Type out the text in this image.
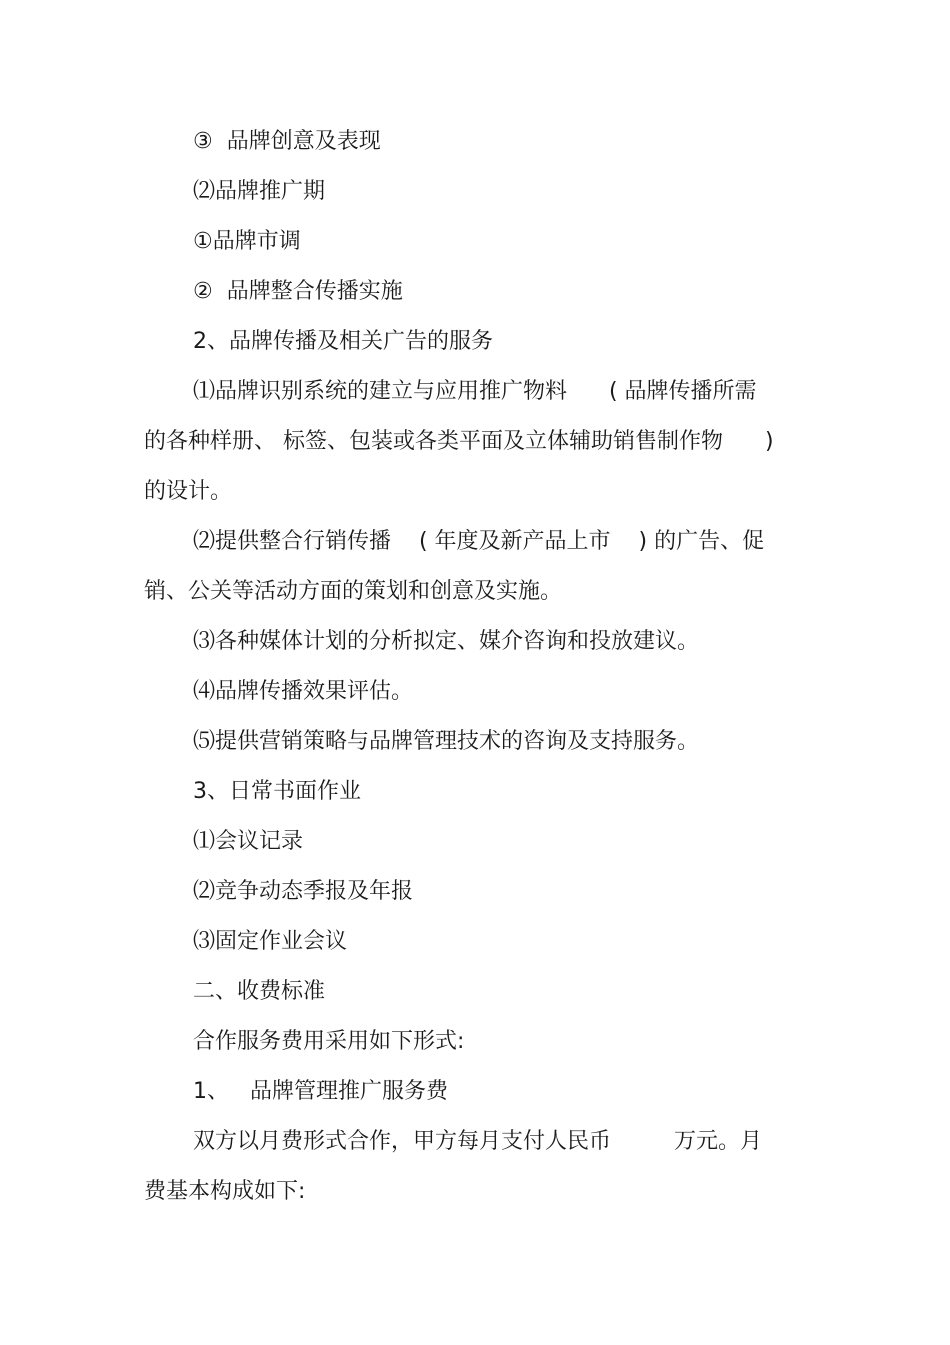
③  品牌创意及表现
⑵品牌推广期
①品牌市调
②  品牌整合传播实施
2、品牌传播及相关广告的服务
⑴品牌识别系统的建立与应用推广物料      ( 品牌传播所需
的各种样册、 标签、包装或各类平面及立体辅助销售制作物      )
的设计。
⑵提供整合行销传播    ( 年度及新产品上市    ) 的广告、促
销、公关等活动方面的策划和创意及实施。
⑶各种媒体计划的分析拟定、媒介咨询和投放建议。
⑷品牌传播效果评估。
⑸提供营销策略与品牌管理技术的咨询及支持服务。
3、日常书面作业
⑴会议记录
⑵竞争动态季报及年报
⑶固定作业会议
二、收费标准
合作服务费用采用如下形式:
1、   品牌管理推广服务费
双方以月费形式合作，甲方每月支付人民币         万元。月
费基本构成如下:
